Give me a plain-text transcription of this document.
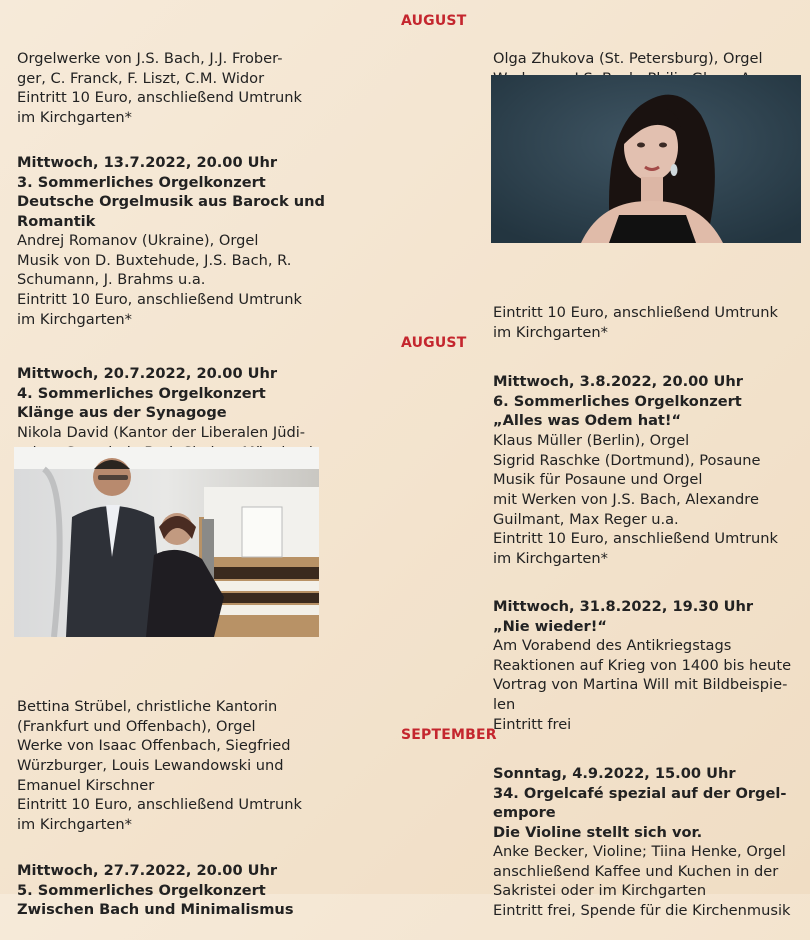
Orgelwerke von J.S. Bach, J.J. Frober-
ger, C. Franck, F. Liszt, C.M. Widor
Eintritt 10 Euro, anschließend Umtrunk
im Kirchgarten*

Mittwoch, 13.7.2022, 20.00 Uhr
3. Sommerliches Orgelkonzert
Deutsche Orgelmusik aus Barock und
Romantik

Andrej Romanov (Ukraine), Orgel
Musik von D. Buxtehude, J.S. Bach, R.
Schumann, J. Brahms u.a.
Eintritt 10 Euro, anschließend Umtrunk
im Kirchgarten*

Mittwoch, 20.7.2022, 20.00 Uhr
4. Sommerliches Orgelkonzert
Klänge aus der Synagoge

Nikola David (Kantor der Liberalen Jüdi-

Bettina Strübel, christliche Kantorin
(Frankfurt und Offenbach), Orgel
Werke von Isaac Offenbach, Siegfried
Würzburger, Louis Lewandowski und
Emanuel Kirschner
Eintritt 10 Euro, anschließend Umtrunk
im Kirchgarten*

Mittwoch, 27.7.2022, 20.00 Uhr
5. Sommerliches Orgelkonzert
Zwischen Bach und Minimalismus

AUGUST

Olga Zhukova (St. Petersburg), Orgel

Eintritt 10 Euro, anschließend Umtrunk
im Kirchgarten*

AUGUST

Mittwoch, 3.8.2022, 20.00 Uhr
6. Sommerliches Orgelkonzert
„Alles was Odem hat!“

Klaus Müller (Berlin), Orgel
Sigrid Raschke (Dortmund), Posaune
Musik für Posaune und Orgel
mit Werken von J.S. Bach, Alexandre
Guilmant, Max Reger u.a.
Eintritt 10 Euro, anschließend Umtrunk
im Kirchgarten*

Mittwoch, 31.8.2022, 19.30 Uhr
„Nie wieder!“

Am Vorabend des Antikriegstags
Reaktionen auf Krieg von 1400 bis heute
Vortrag von Martina Will mit Bildbeispie-
len
Eintritt frei

SEPTEMBER

Sonntag, 4.9.2022, 15.00 Uhr
34. Orgelcafé spezial auf der Orgel-
empore
Die Violine stellt sich vor.

Anke Becker, Violine; Tiina Henke, Orgel
anschließend Kaffee und Kuchen in der
Sakristei oder im Kirchgarten
Eintritt frei, Spende für die Kirchenmusik
